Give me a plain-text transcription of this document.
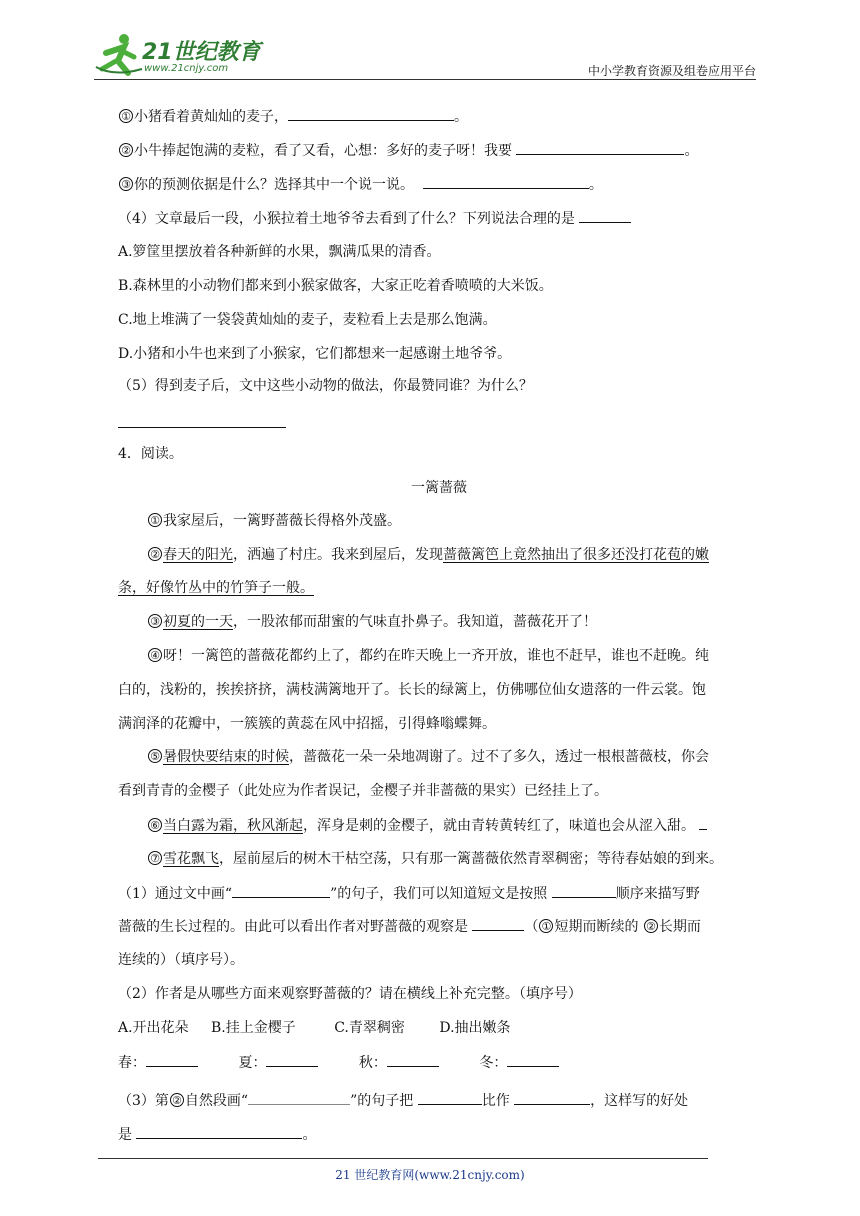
21世纪教育
www.21cnjy.com	中小学教育资源及组卷应用平台
① 小猪看着黄灿灿的麦子，	。
② 小牛捧起饱满的麦粒，看了又看，心想：多好的麦子呀！我要	。
③ 你的预测依据是什么？选择其中一个说一说。	。
（4）文章最后一段，小猴拉着土地爷爷去看到了什么？下列说法合理的是
A.箩筐里摆放着各种新鲜的水果，飘满瓜果的清香。
B.森林里的小动物们都来到小猴家做客，大家正吃着香喷喷的大米饭。
C.地上堆满了一袋袋黄灿灿的麦子，麦粒看上去是那么饱满。
D.小猪和小牛也来到了小猴家，它们都想来一起感谢土地爷爷。
（5）得到麦子后，文中这些小动物的做法，你最赞同谁？为什么？
4．阅读。
一篱蔷薇
① 我家屋后，一篱野蔷薇长得格外茂盛。
② 春天的阳光，洒遍了村庄。我来到屋后，发现蔷薇篱笆上竟然抽出了很多还没打花苞的嫩
条，好像竹丛中的竹笋子一般。
③ 初夏的一天，一股浓郁而甜蜜的气味直扑鼻子。我知道，蔷薇花开了！
④ 呀！一篱笆的蔷薇花都约上了，都约在昨天晚上一齐开放，谁也不赶早，谁也不赶晚。纯
白的，浅粉的，挨挨挤挤，满枝满篱地开了。长长的绿篱上，仿佛哪位仙女遗落的一件云裳。饱
满润泽的花瓣中，一簇簇的黄蕊在风中招摇，引得蜂嗡蝶舞。
⑤ 暑假快要结束的时候，蔷薇花一朵一朵地凋谢了。过不了多久，透过一根根蔷薇枝，你会
看到青青的金樱子（此处应为作者误记，金樱子并非蔷薇的果实）已经挂上了。
⑥ 当白露为霜，秋风渐起，浑身是刺的金樱子，就由青转黄转红了，味道也会从涩入甜。
⑦ 雪花飘飞，屋前屋后的树木干枯空荡，只有那一篱蔷薇依然青翠稠密；等待春姑娘的到来。
（1）通过文中画“	”的句子，我们可以知道短文是按照	顺序来描写野
蔷薇的生长过程的。由此可以看出作者对野蔷薇的观察是	（ ① 短期而断续的 ② 长期而
连续的）（填序号）。
（2）作者是从哪些方面来观察野蔷薇的？请在横线上补充完整。（填序号）
A.开出花朵 B.挂上金樱子	C.青翠稠密 D.抽出嫩条
春：	夏：	秋：	冬：
（3）第 ② 自然段画“	”的句子把	比作	，这样写的好处
是	。
21 世纪教育网(www.21cnjy.com)
